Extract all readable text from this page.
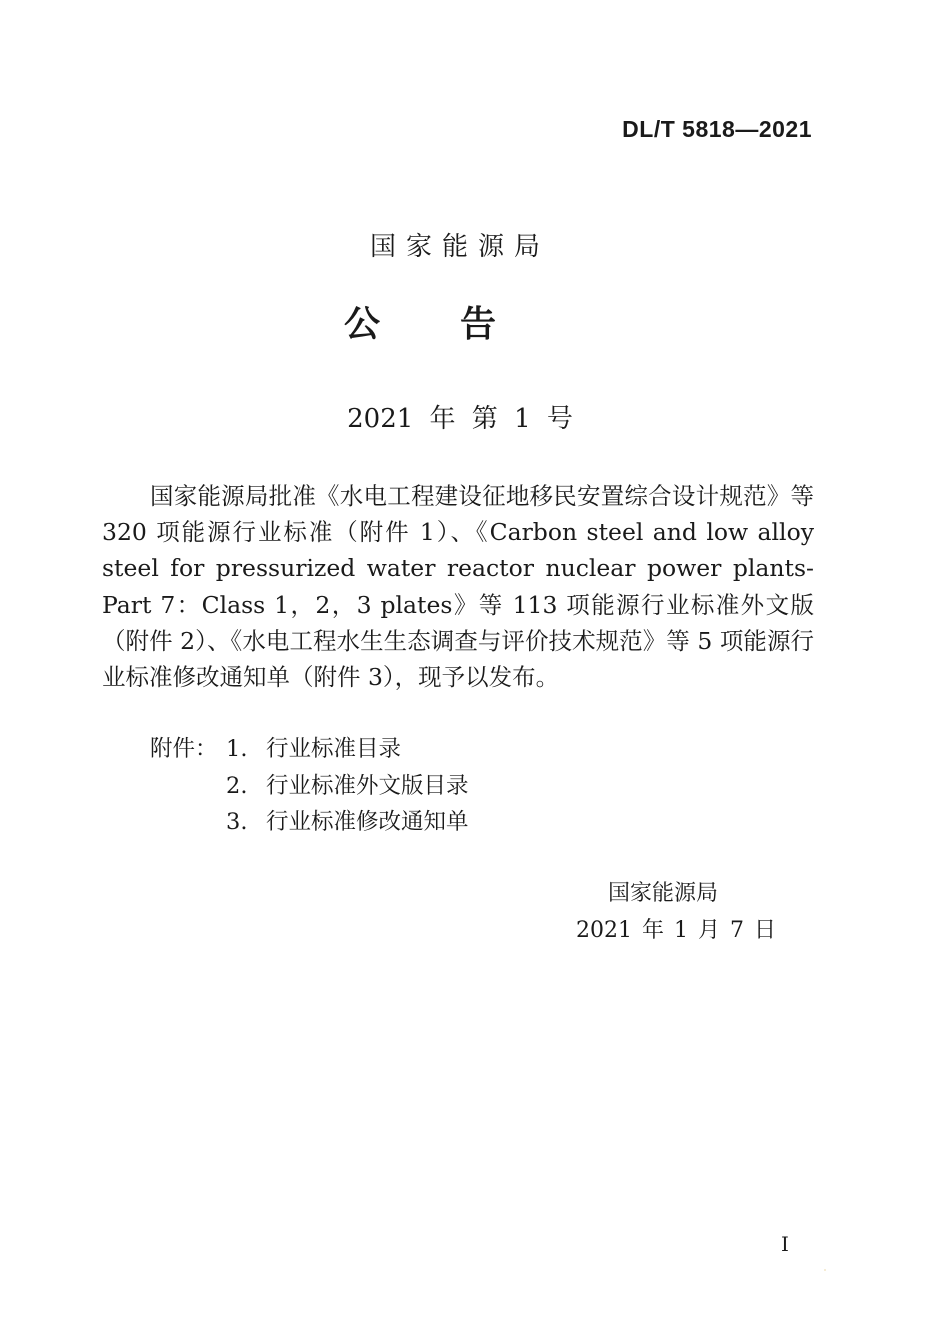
DL/T 5818—2021
国家能源局
公告
2021 年 第 1 号

国家能源局批准《水电工程建设征地移民安置综合设计规范》等 320 项能源行业标准（附件 1）、《Carbon steel and low alloy steel for pressurized water reactor nuclear power plants-Part 7：Class 1，2，3 plates》等 113 项能源行业标准外文版（附件 2）、《水电工程水生生态调查与评价技术规范》等 5 项能源行业标准修改通知单（附件 3），现予以发布。

附件： 1. 行业标准目录
2. 行业标准外文版目录
3. 行业标准修改通知单
国家能源局
2021 年 1 月 7 日
I
